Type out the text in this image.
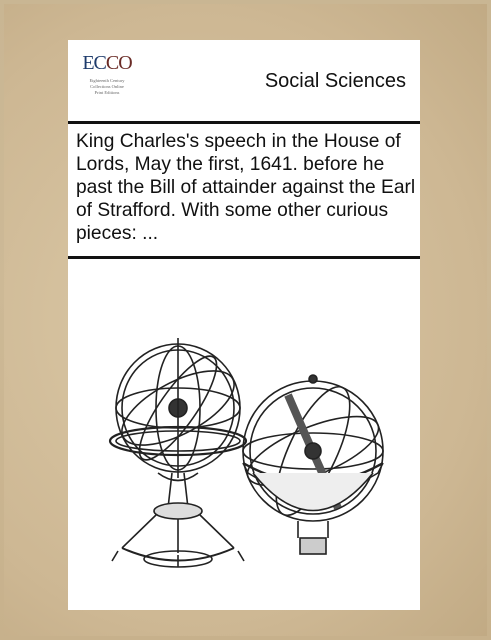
ECCO
Eighteenth Century
Collections Online
Print Editions
Social Sciences
King Charles's speech in the House of Lords, May the first, 1641. before he past the Bill of attainder against the Earl of Strafford. With some other curious pieces: ...
